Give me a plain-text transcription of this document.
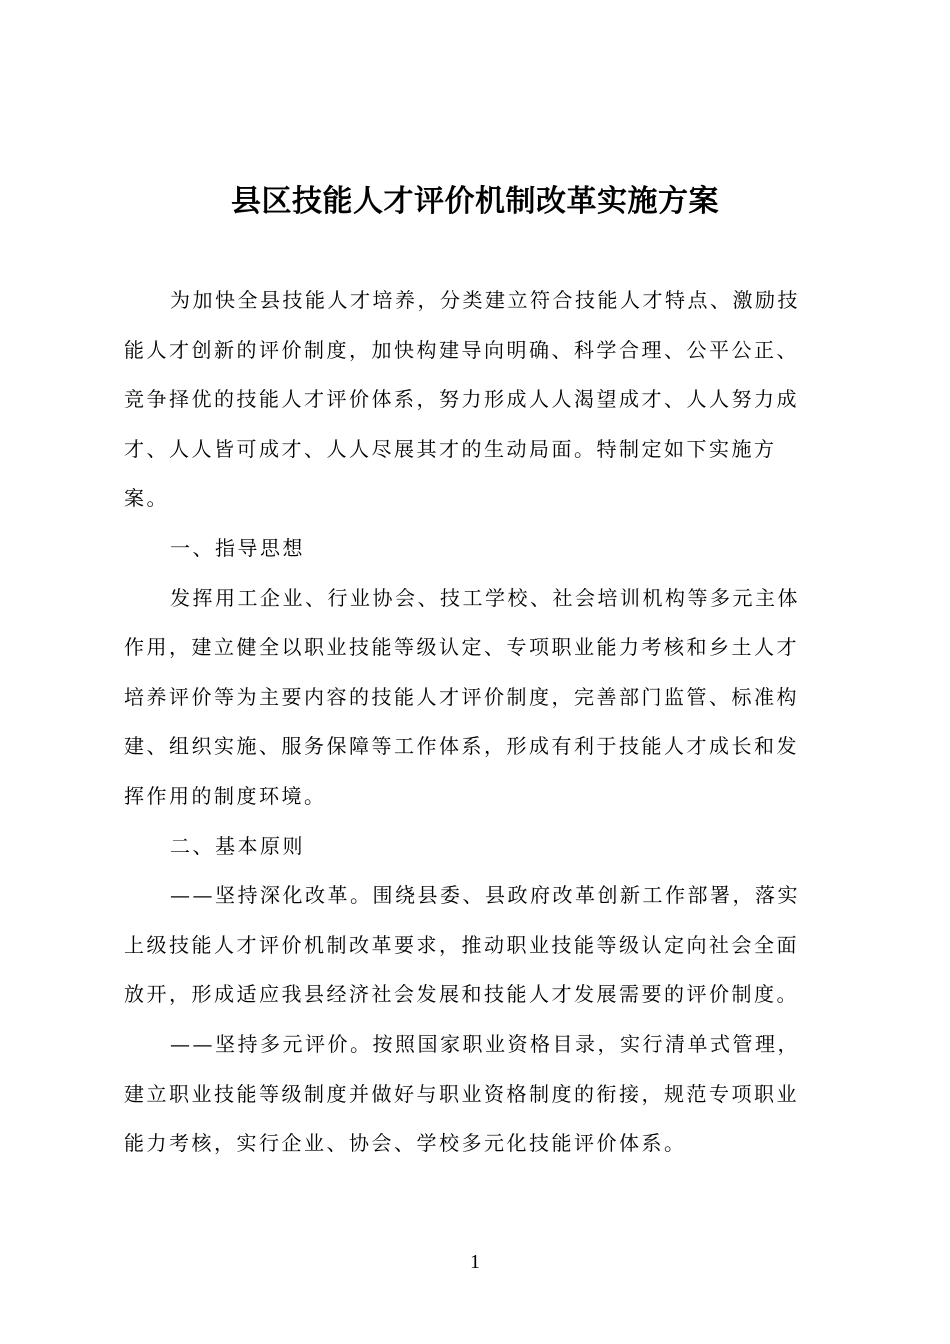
县区技能人才评价机制改革实施方案
为加快全县技能人才培养，分类建立符合技能人才特点、激励技
能人才创新的评价制度，加快构建导向明确、科学合理、公平公正、
竞争择优的技能人才评价体系，努力形成人人渴望成才、人人努力成
才、人人皆可成才、人人尽展其才的生动局面。特制定如下实施方
案。
一、指导思想
发挥用工企业、行业协会、技工学校、社会培训机构等多元主体
作用，建立健全以职业技能等级认定、专项职业能力考核和乡土人才
培养评价等为主要内容的技能人才评价制度，完善部门监管、标准构
建、组织实施、服务保障等工作体系，形成有利于技能人才成长和发
挥作用的制度环境。
二、基本原则
——坚持深化改革。围绕县委、县政府改革创新工作部署，落实
上级技能人才评价机制改革要求，推动职业技能等级认定向社会全面
放开，形成适应我县经济社会发展和技能人才发展需要的评价制度。
——坚持多元评价。按照国家职业资格目录，实行清单式管理，
建立职业技能等级制度并做好与职业资格制度的衔接，规范专项职业
能力考核，实行企业、协会、学校多元化技能评价体系。
1
